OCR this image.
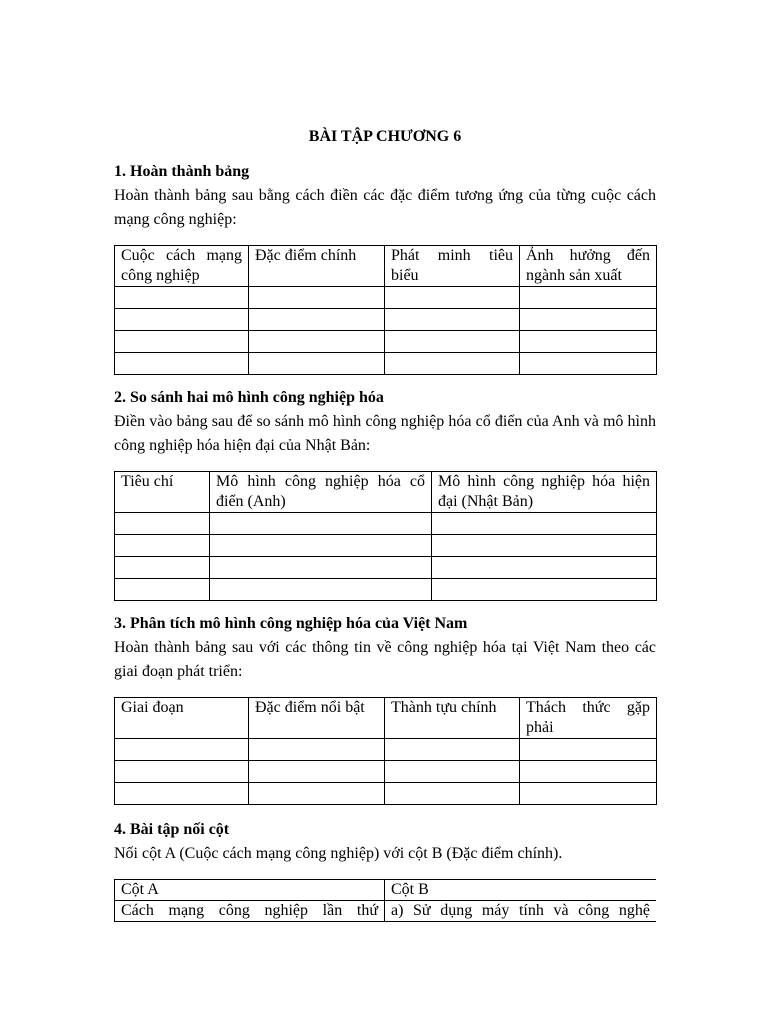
BÀI TẬP CHƯƠNG 6
1. Hoàn thành bảng

Hoàn thành bảng sau bằng cách điền các đặc điểm tương ứng của từng cuộc cách mạng công nghiệp:

Cuộc cách mạng công nghiệp	Đặc điểm chính	Phát minh tiêu biểu	Ảnh hưởng đến ngành sản xuất

2. So sánh hai mô hình công nghiệp hóa

Điền vào bảng sau để so sánh mô hình công nghiệp hóa cổ điển của Anh và mô hình công nghiệp hóa hiện đại của Nhật Bản:

Tiêu chí	Mô hình công nghiệp hóa cổ điển (Anh)	Mô hình công nghiệp hóa hiện đại (Nhật Bản)

3. Phân tích mô hình công nghiệp hóa của Việt Nam

Hoàn thành bảng sau với các thông tin về công nghiệp hóa tại Việt Nam theo các giai đoạn phát triển:

Giai đoạn	Đặc điểm nổi bật	Thành tựu chính	Thách thức gặp phải

4. Bài tập nối cột

Nối cột A (Cuộc cách mạng công nghiệp) với cột B (Đặc điểm chính).

Cột A	Cột B
Cách mạng công nghiệp lần thứ	a) Sử dụng máy tính và công nghệ
